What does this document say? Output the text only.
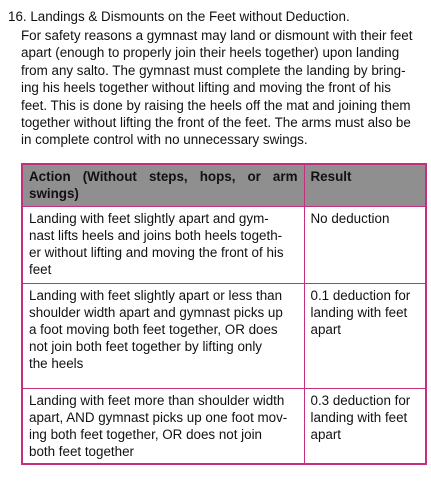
16. Landings & Dismounts on the Feet without Deduction.
For safety reasons a gymnast may land or dismount with their feet
apart (enough to properly join their heels together) upon landing
from any salto. The gymnast must complete the landing by bring-
ing his heels together without lifting and moving the front of his
feet. This is done by raising the heels off the mat and joining them
together without lifting the front of the feet. The arms must also be
in complete control with no unnecessary swings.
Action (Without steps, hops, or arm
swings)	Result

Landing with feet slightly apart and gym-
nast lifts heels and joins both heels togeth-
er without lifting and moving the front of his
feet	No deduction

Landing with feet slightly apart or less than
shoulder width apart and gymnast picks up
a foot moving both feet together, OR does
not join both feet together by lifting only
the heels	0.1 deduction for
landing with feet
apart

Landing with feet more than shoulder width
apart, AND gymnast picks up one foot mov-
ing both feet together, OR does not join
both feet together	0.3 deduction for
landing with feet
apart
